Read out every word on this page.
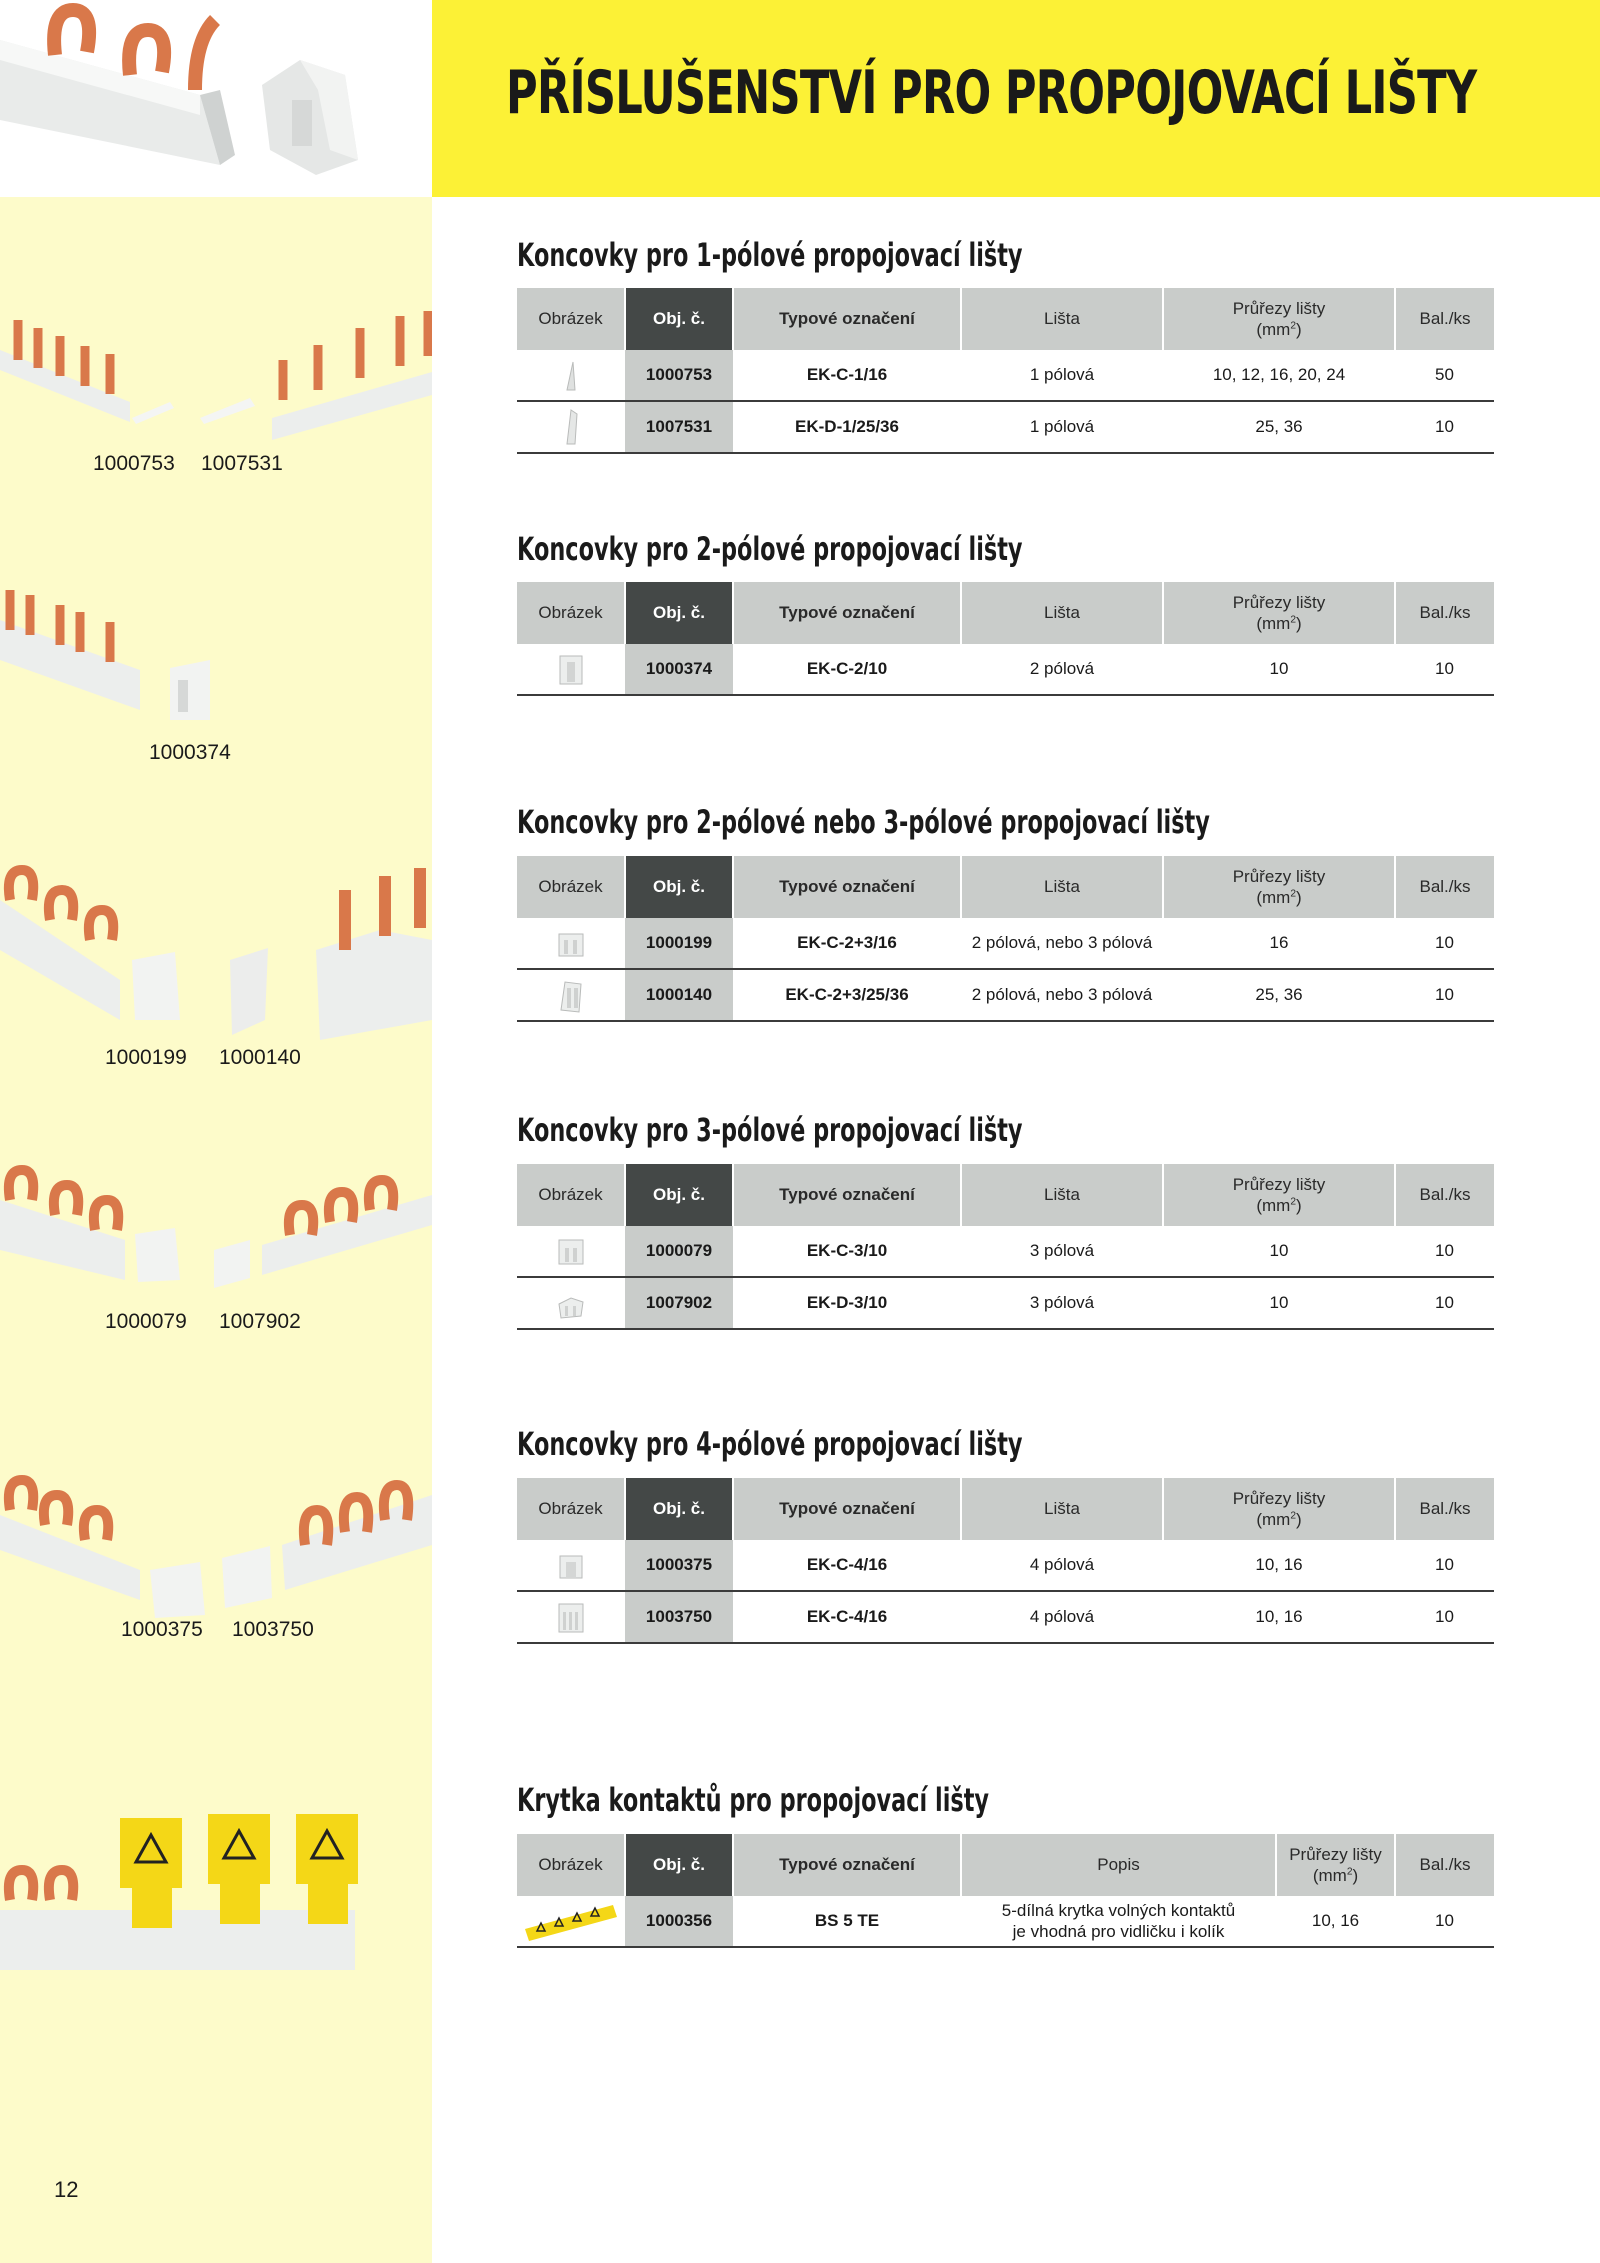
PŘÍSLUŠENSTVÍ PRO PROPOJOVACÍ LIŠTY
1000753 1007531
1000374
1000199 1000140
1000079 1007902
1000375 1003750
Koncovky pro 1-pólové propojovací lišty
Obrázek	Obj. č.	Typové označení	Lišta	Průřezy lišty
$(mm^2)$	Bal./ks
	1000753	EK-C-1/16	1 pólová	10, 12, 16, 20, 24	50
	1007531	EK-D-1/25/36	1 pólová	25, 36	10
Koncovky pro 2-pólové propojovací lišty
Obrázek	Obj. č.	Typové označení	Lišta	Průřezy lišty
$(mm^2)$	Bal./ks
	1000374	EK-C-2/10	2 pólová	10	10
Koncovky pro 2-pólové nebo 3-pólové propojovací lišty
Obrázek	Obj. č.	Typové označení	Lišta	Průřezy lišty
$(mm^2)$	Bal./ks
	1000199	EK-C-2+3/16	2 pólová, nebo 3 pólová	16	10
	1000140	EK-C-2+3/25/36	2 pólová, nebo 3 pólová	25, 36	10
Koncovky pro 3-pólové propojovací lišty
Obrázek	Obj. č.	Typové označení	Lišta	Průřezy lišty
$(mm^2)$	Bal./ks
	1000079	EK-C-3/10	3 pólová	10	10
	1007902	EK-D-3/10	3 pólová	10	10
Koncovky pro 4-pólové propojovací lišty
Obrázek	Obj. č.	Typové označení	Lišta	Průřezy lišty
$(mm^2)$	Bal./ks
	1000375	EK-C-4/16	4 pólová	10, 16	10
	1003750	EK-C-4/16	4 pólová	10, 16	10
Krytka kontaktů pro propojovací lišty
Obrázek	Obj. č.	Typové označení	Popis	Průřezy lišty
$(mm^2)$	Bal./ks
	1000356	BS 5 TE	5-dílná krytka volných kontaktů
je vhodná pro vidličku i kolík	10, 16	10
12
